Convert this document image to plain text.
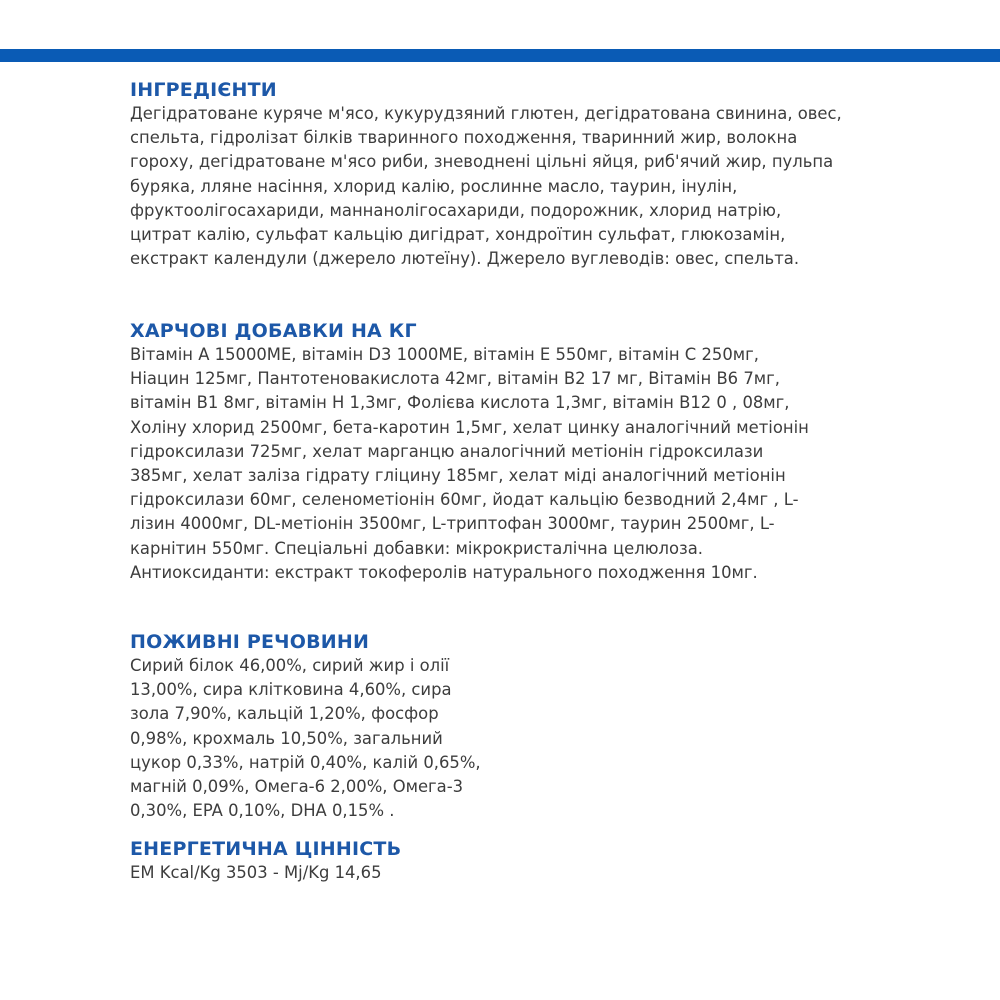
ІНГРЕДІЄНТИ

Дегідратоване куряче м'ясо, кукурудзяний глютен, дегідратована свинина, овес,
спельта, гідролізат білків тваринного походження, тваринний жир, волокна
гороху, дегідратоване м'ясо риби, зневоднені цільні яйця, риб'ячий жир, пульпа
буряка, лляне насіння, хлорид калію, рослинне масло, таурин, інулін,
фруктоолігосахариди, маннанолігосахариди, подорожник, хлорид натрію,
цитрат калію, сульфат кальцію дигідрат, хондроїтин сульфат, глюкозамін,
екстракт календули (джерело лютеїну). Джерело вуглеводів: овес, спельта.

ХАРЧОВІ ДОБАВКИ НА КГ

Вітамін А 15000МЕ, вітамін D3 1000МЕ, вітамін Е 550мг, вітамін С 250мг,
Ніацин 125мг, Пантотеновакислота 42мг, вітамін В2 17 мг, Вітамін В6 7мг,
вітамін В1 8мг, вітамін Н 1,3мг, Фолієва кислота 1,3мг, вітамін В12 0 , 08мг,
Холіну хлорид 2500мг, бета-каротин 1,5мг, хелат цинку аналогічний метіонін
гідроксилази 725мг, хелат марганцю аналогічний метіонін гідроксилази
385мг, хелат заліза гідрату гліцину 185мг, хелат міді аналогічний метіонін
гідроксилази 60мг, селенометіонін 60мг, йодат кальцію безводний 2,4мг , L-
лізин 4000мг, DL-метіонін 3500мг, L-триптофан 3000мг, таурин 2500мг, L-
карнітин 550мг. Спеціальні добавки: мікрокристалічна целюлоза.
Антиоксиданти: екстракт токоферолів натурального походження 10мг.

ПОЖИВНІ РЕЧОВИНИ

Сирий білок 46,00%, сирий жир і олії
13,00%, сира клітковина 4,60%, сира
зола 7,90%, кальцій 1,20%, фосфор
0,98%, крохмаль 10,50%, загальний
цукор 0,33%, натрій 0,40%, калій 0,65%,
магній 0,09%, Омега-6 2,00%, Омега-3
0,30%, EPA 0,10%, DHA 0,15% .

ЕНЕРГЕТИЧНА ЦІННІСТЬ

EM Kcal/Kg 3503 - Mj/Kg 14,65
